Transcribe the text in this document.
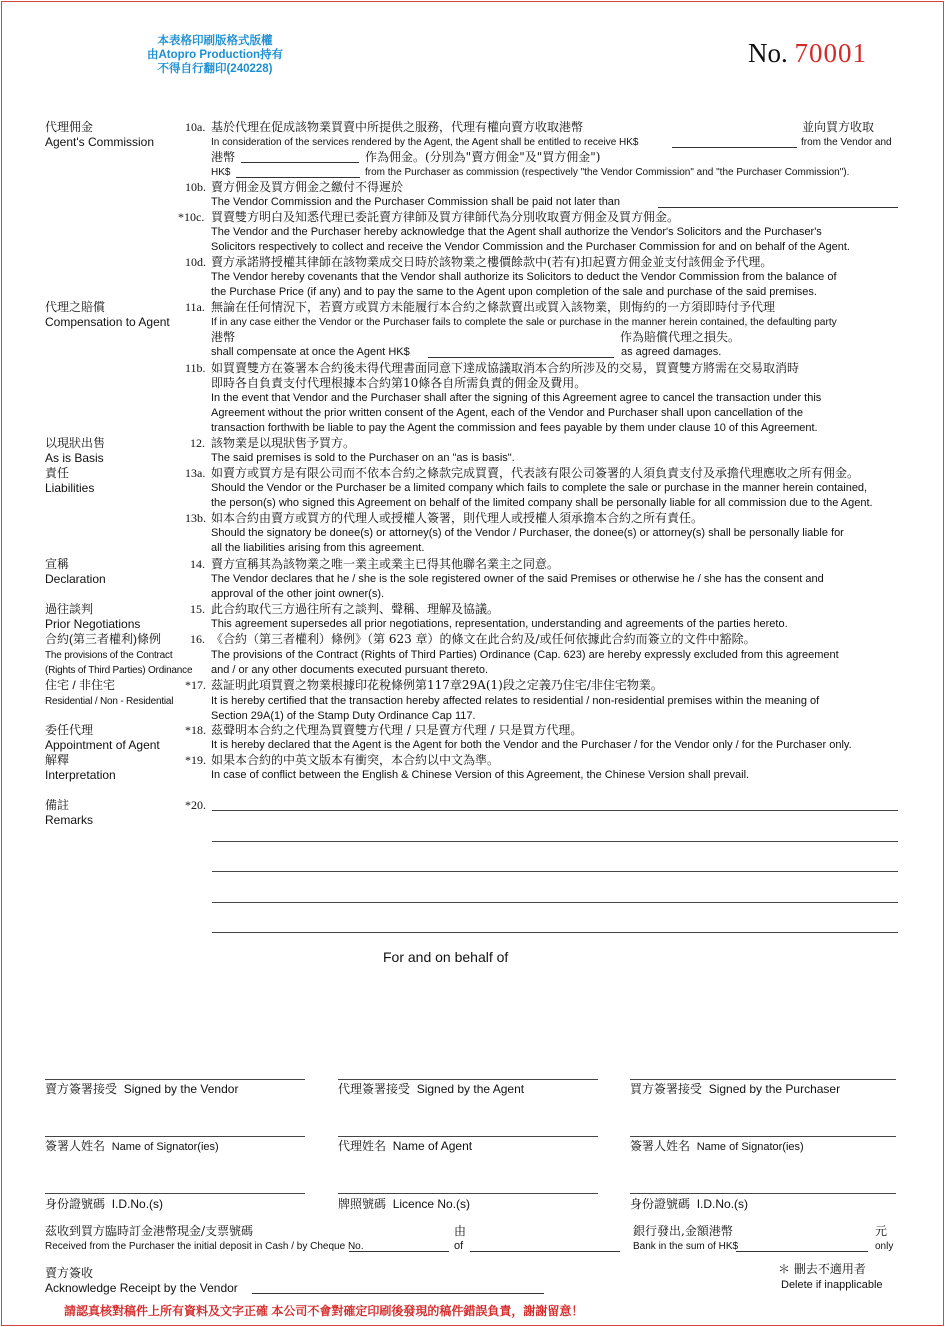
本表格印刷版格式版權
由Atopro Production持有
不得自行翻印(240228)
No. 70001
代理佣金
Agent's Commission
代理之賠償
Compensation to Agent
以現狀出售
As is Basis
責任
Liabilities
宣稱
Declaration
過往談判
Prior Negotiations
合約(第三者權利)條例
The provisions of the Contract
(Rights of Third Parties) Ordinance
住宅 / 非住宅
Residential / Non - Residential
委任代理
Appointment of Agent
解釋
Interpretation
備註
Remarks
10a. 基於代理在促成該物業買賣中所提供之服務，代理有權向賣方收取港幣	並向買方收取
In consideration of the services rendered by the Agent, the Agent shall be entitled to receive HK$	from the Vendor and
港幣	作為佣金。(分別為"賣方佣金"及"買方佣金")
HK$	from the Purchaser as commission (respectively "the Vendor Commission" and "the Purchaser Commission").
10b. 賣方佣金及買方佣金之繳付不得遲於
The Vendor Commission and the Purchaser Commission shall be paid not later than
*10c. 買賣雙方明白及知悉代理已委託賣方律師及買方律師代為分別收取賣方佣金及買方佣金。
The Vendor and the Purchaser hereby acknowledge that the Agent shall authorize the Vendor's Solicitors and the Purchaser's
Solicitors respectively to collect and receive the Vendor Commission and the Purchaser Commission for and on behalf of the Agent.
10d. 賣方承諾將授權其律師在該物業成交日時於該物業之樓價餘款中(若有)扣起賣方佣金並支付該佣金予代理。
The Vendor hereby covenants that the Vendor shall authorize its Solicitors to deduct the Vendor Commission from the balance of
the Purchase Price (if any) and to pay the same to the Agent upon completion of the sale and purchase of the said premises.
11a. 無論在任何情況下，若賣方或買方未能履行本合約之條款賣出或買入該物業，則悔約的一方須即時付予代理
If in any case either the Vendor or the Purchaser fails to complete the sale or purchase in the manner herein contained, the defaulting party
港幣	作為賠償代理之損失。
shall compensate at once the Agent HK$	as agreed damages.
11b. 如買賣雙方在簽署本合約後未得代理書面同意下達成協議取消本合約所涉及的交易，買賣雙方將需在交易取消時
即時各自負責支付代理根據本合約第10條各自所需負責的佣金及費用。
In the event that Vendor and the Purchaser shall after the signing of this Agreement agree to cancel the transaction under this
Agreement without the prior written consent of the Agent, each of the Vendor and Purchaser shall upon cancellation of the
transaction forthwith be liable to pay the Agent the commission and fees payable by them under clause 10 of this Agreement.
12. 該物業是以現狀售予買方。
The said premises is sold to the Purchaser on an "as is basis".
13a. 如賣方或買方是有限公司而不依本合約之條款完成買賣，代表該有限公司簽署的人須負責支付及承擔代理應收之所有佣金。
Should the Vendor or the Purchaser be a limited company which fails to complete the sale or purchase in the manner herein contained,
the person(s) who signed this Agreement on behalf of the limited company shall be personally liable for all commission due to the Agent.
13b. 如本合約由賣方或買方的代理人或授權人簽署，則代理人或授權人須承擔本合約之所有責任。
Should the signatory be donee(s) or attorney(s) of the Vendor / Purchaser, the donee(s) or attorney(s) shall be personally liable for
all the liabilities arising from this agreement.
14. 賣方宣稱其為該物業之唯一業主或業主已得其他聯名業主之同意。
The Vendor declares that he / she is the sole registered owner of the said Premises or otherwise he / she has the consent and
approval of the other joint owner(s).
15. 此合約取代三方過往所有之談判、聲稱、理解及協議。
This agreement supersedes all prior negotiations, representation, understanding and agreements of the parties hereto.
16. 《合約（第三者權利）條例》（第 623 章）的條文在此合約及/或任何依據此合約而簽立的文件中豁除。
The provisions of the Contract (Rights of Third Parties) Ordinance (Cap. 623) are hereby expressly excluded from this agreement
and / or any other documents executed pursuant thereto.
*17. 茲証明此項買賣之物業根據印花稅條例第117章29A(1)段之定義乃住宅/非住宅物業。
It is hereby certified that the transaction hereby affected relates to residential / non-residential premises within the meaning of
Section 29A(1) of the Stamp Duty Ordinance Cap 117.
*18. 茲聲明本合約之代理為買賣雙方代理 / 只是賣方代理 / 只是買方代理。
It is hereby declared that the Agent is the Agent for both the Vendor and the Purchaser / for the Vendor only / for the Purchaser only.
*19. 如果本合約的中英文版本有衝突，本合約以中文為準。
In case of conflict between the English & Chinese Version of this Agreement, the Chinese Version shall prevail.
*20.
For and on behalf of
賣方簽署接受 Signed by the Vendor	代理簽署接受 Signed by the Agent	買方簽署接受 Signed by the Purchaser
簽署人姓名 Name of Signator(ies)	代理姓名 Name of Agent	簽署人姓名 Name of Signator(ies)
身份證號碼 I.D.No.(s)	牌照號碼 Licence No.(s)	身份證號碼 I.D.No.(s)
茲收到買方臨時訂金港幣現金/支票號碼
Received from the Purchaser the initial deposit in Cash / by Cheque No.
由
of
銀行發出,金額港幣
Bank in the sum of HK$
元
only
賣方簽收
Acknowledge Receipt by the Vendor
＊ 刪去不適用者
Delete if inapplicable
請認真核對稿件上所有資料及文字正確 本公司不會對確定印刷後發現的稿件錯誤負責，謝謝留意！
